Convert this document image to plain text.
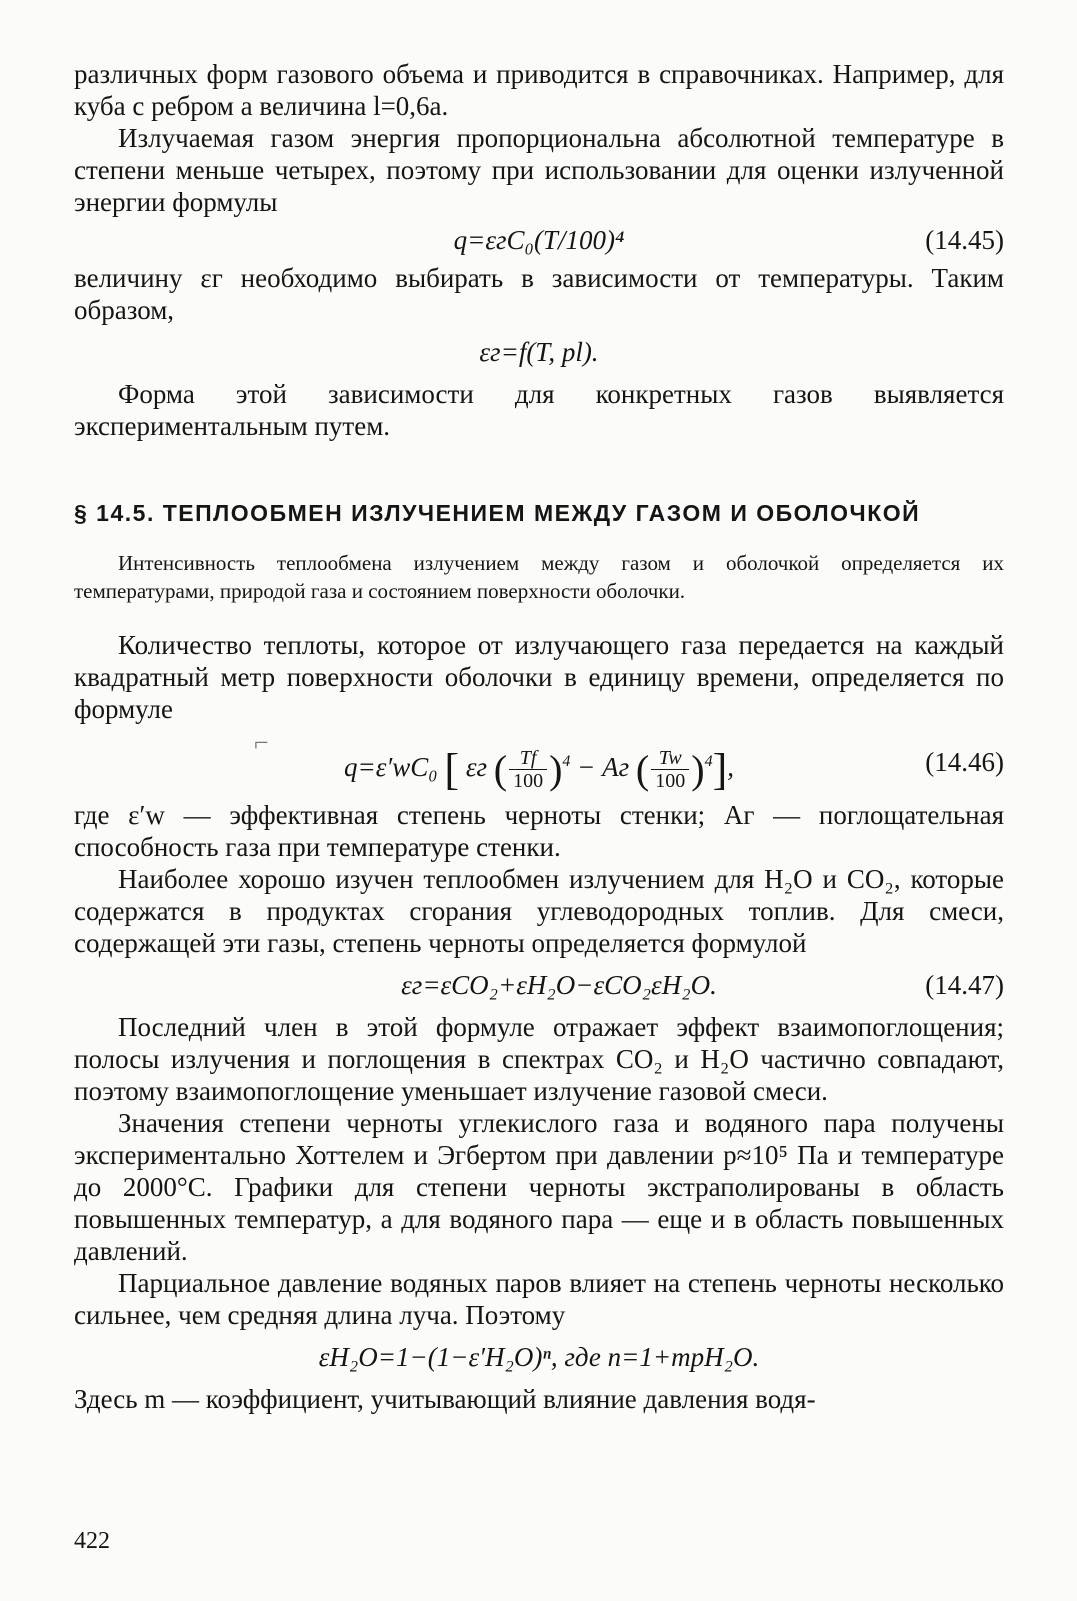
различных форм газового объема и приводится в справочниках. Например, для куба с ребром a величина l=0,6a.

Излучаемая газом энергия пропорциональна абсолютной температуре в степени меньше четырех, поэтому при использовании для оценки излученной энергии формулы

q=εгC₀(T/100)⁴	(14.45)

величину εг необходимо выбирать в зависимости от температуры. Таким образом,

εг=f(T, pl).

Форма этой зависимости для конкретных газов выявляется экспериментальным путем.

§ 14.5. ТЕПЛООБМЕН ИЗЛУЧЕНИЕМ МЕЖДУ ГАЗОМ И ОБОЛОЧКОЙ

Интенсивность теплообмена излучением между газом и оболочкой определяется их температурами, природой газа и состоянием поверхности оболочки.

Количество теплоты, которое от излучающего газа передается на каждый квадратный метр поверхности оболочки в единицу времени, определяется по формуле

q=ε′wC₀ [ εг ( $\frac{Tf}{100} )^4$ − Aг ( $\frac{Tw}{100} )^4$],	(14.46)

где ε′w — эффективная степень черноты стенки; Aг — поглощательная способность газа при температуре стенки.

Наиболее хорошо изучен теплообмен излучением для H₂O и CO₂, которые содержатся в продуктах сгорания углеводородных топлив. Для смеси, содержащей эти газы, степень черноты определяется формулой

εг=εCO₂+εH₂O−εCO₂εH₂O.	(14.47)

Последний член в этой формуле отражает эффект взаимопоглощения; полосы излучения и поглощения в спектрах CO₂ и H₂O частично совпадают, поэтому взаимопоглощение уменьшает излучение газовой смеси.

Значения степени черноты углекислого газа и водяного пара получены экспериментально Хоттелем и Эгбертом при давлении p≈10⁵ Па и температуре до 2000°C. Графики для степени черноты экстраполированы в область повышенных температур, а для водяного пара — еще и в область повышенных давлений.

Парциальное давление водяных паров влияет на степень черноты несколько сильнее, чем средняя длина луча. Поэтому

εH₂O=1−(1−ε′H₂O)ⁿ, где n=1+mpH₂O.

Здесь m — коэффициент, учитывающий влияние давления водя-

⌐
422
